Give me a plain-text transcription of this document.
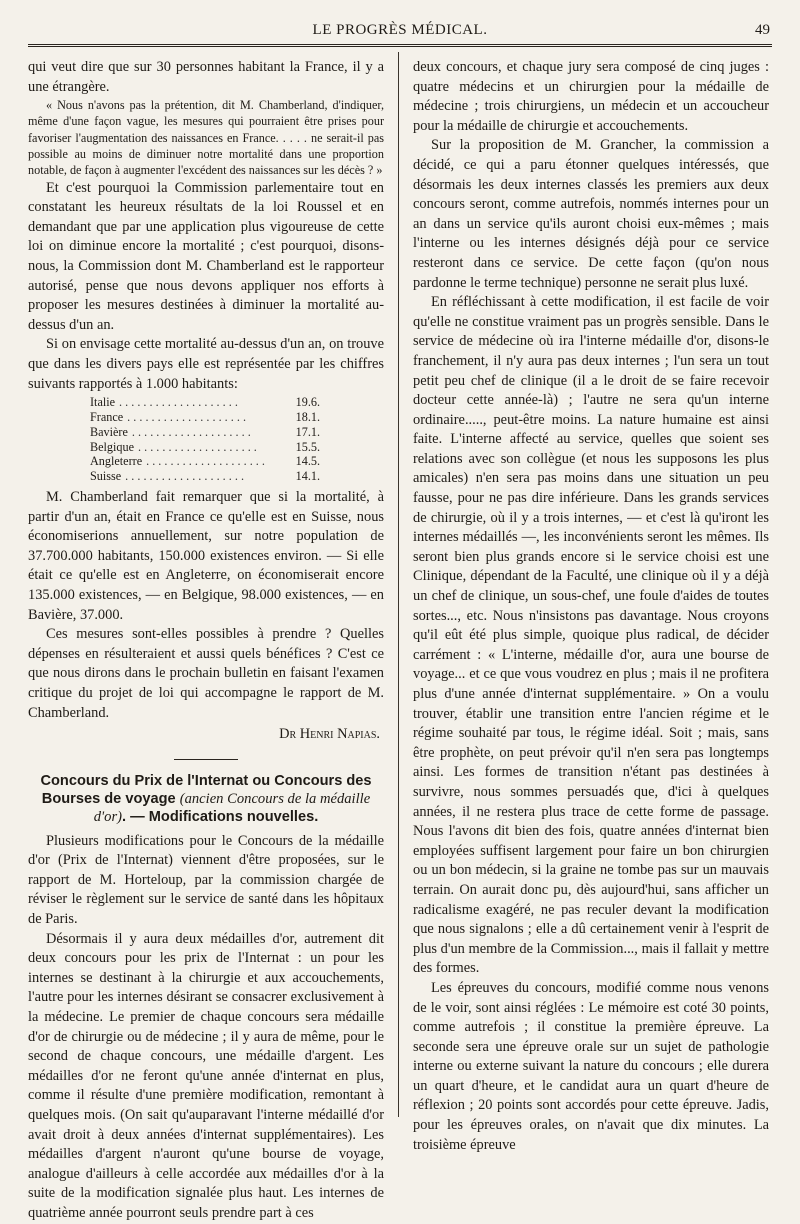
LE PROGRÈS MÉDICAL.	49

qui veut dire que sur 30 personnes habitant la France, il y a une étrangère.

« Nous n'avons pas la prétention, dit M. Chamberland, d'indiquer, même d'une façon vague, les mesures qui pourraient être prises pour favoriser l'augmentation des naissances en France. . . . . ne serait-il pas possible au moins de diminuer notre mortalité dans une proportion notable, de façon à augmenter l'excédent des naissances sur les décès ? »

Et c'est pourquoi la Commission parlementaire tout en constatant les heureux résultats de la loi Roussel et en demandant que par une application plus vigoureuse de cette loi on diminue encore la mortalité ; c'est pourquoi, disons-nous, la Commission dont M. Chamberland est le rapporteur autorisé, pense que nous devons appliquer nos efforts à proposer les mesures destinées à diminuer la mortalité au-dessus d'un an.

Si on envisage cette mortalité au-dessus d'un an, on trouve que dans les divers pays elle est représentée par les chiffres suivants rapportés à 1.000 habitants:

Italie . . . . . . . . . . . . . . . . . . . .	19.6.
France . . . . . . . . . . . . . . . . . . . .	18.1.
Bavière . . . . . . . . . . . . . . . . . . . .	17.1.
Belgique . . . . . . . . . . . . . . . . . . . .	15.5.
Angleterre . . . . . . . . . . . . . . . . . . . .	14.5.
Suisse . . . . . . . . . . . . . . . . . . . .	14.1.

M. Chamberland fait remarquer que si la mortalité, à partir d'un an, était en France ce qu'elle est en Suisse, nous économiserions annuellement, sur notre population de 37.700.000 habitants, 150.000 existences environ. — Si elle était ce qu'elle est en Angleterre, on économiserait encore 135.000 existences, — en Belgique, 98.000 existences, — en Bavière, 37.000.

Ces mesures sont-elles possibles à prendre ? Quelles dépenses en résulteraient et aussi quels bénéfices ? C'est ce que nous dirons dans le prochain bulletin en faisant l'examen critique du projet de loi qui accompagne le rapport de M. Chamberland.

Dr Henri Napias.
Concours du Prix de l'Internat ou Concours des Bourses de voyage (ancien Concours de la médaille d'or). — Modifications nouvelles.

Plusieurs modifications pour le Concours de la médaille d'or (Prix de l'Internat) viennent d'être proposées, sur le rapport de M. Horteloup, par la commission chargée de réviser le règlement sur le service de santé dans les hôpitaux de Paris.

Désormais il y aura deux médailles d'or, autrement dit deux concours pour les prix de l'Internat : un pour les internes se destinant à la chirurgie et aux accouchements, l'autre pour les internes désirant se consacrer exclusivement à la médecine. Le premier de chaque concours sera médaille d'or de chirurgie ou de médecine ; il y aura de même, pour le second de chaque concours, une médaille d'argent. Les médailles d'or ne feront qu'une année d'internat en plus, comme il résulte d'une première modification, remontant à quelques mois. (On sait qu'auparavant l'interne médaillé d'or avait droit à deux années d'internat supplémentaires). Les médailles d'argent n'auront qu'une bourse de voyage, analogue d'ailleurs à celle accordée aux médailles d'or à la suite de la modification signalée plus haut. Les internes de quatrième année pourront seuls prendre part à ces

deux concours, et chaque jury sera composé de cinq juges : quatre médecins et un chirurgien pour la médaille de médecine ; trois chirurgiens, un médecin et un accoucheur pour la médaille de chirurgie et accouchements.

Sur la proposition de M. Grancher, la commission a décidé, ce qui a paru étonner quelques intéressés, que désormais les deux internes classés les premiers aux deux concours seront, comme autrefois, nommés internes pour un an dans un service qu'ils auront choisi eux-mêmes ; mais l'interne ou les internes désignés déjà pour ce service resteront dans ce service. De cette façon (qu'on nous pardonne le terme technique) personne ne serait plus luxé.

En réfléchissant à cette modification, il est facile de voir qu'elle ne constitue vraiment pas un progrès sensible. Dans le service de médecine où ira l'interne médaille d'or, disons-le franchement, il n'y aura pas deux internes ; l'un sera un tout petit peu chef de clinique (il a le droit de se faire recevoir docteur cette année-là) ; l'autre ne sera qu'un interne ordinaire....., peut-être moins. La nature humaine est ainsi faite. L'interne affecté au service, quelles que soient ses relations avec son collègue (et nous les supposons les plus amicales) n'en sera pas moins dans une situation un peu fausse, pour ne pas dire inférieure. Dans les grands services de chirurgie, où il y a trois internes, — et c'est là qu'iront les internes médaillés —, les inconvénients seront les mêmes. Ils seront bien plus grands encore si le service choisi est une Clinique, dépendant de la Faculté, une clinique où il y a déjà un chef de clinique, un sous-chef, une foule d'aides de toutes sortes..., etc. Nous n'insistons pas davantage. Nous croyons qu'il eût été plus simple, quoique plus radical, de décider carrément : « L'interne, médaille d'or, aura une bourse de voyage... et ce que vous voudrez en plus ; mais il ne profitera plus d'une année d'internat supplémentaire. » On a voulu trouver, établir une transition entre l'ancien régime et le régime souhaité par tous, le régime idéal. Soit ; mais, sans être prophète, on peut prévoir qu'il n'en sera pas longtemps ainsi. Les formes de transition n'étant pas destinées à survivre, nous sommes persuadés que, d'ici à quelques années, il ne restera plus trace de cette forme de passage. Nous l'avons dit bien des fois, quatre années d'internat bien employées suffisent largement pour faire un bon chirurgien ou un bon médecin, si la graine ne tombe pas sur un mauvais terrain. On aurait donc pu, dès aujourd'hui, sans afficher un radicalisme exagéré, ne pas reculer devant la modification que nous signalons ; elle a dû certainement venir à l'esprit de plus d'un membre de la Commission..., mais il fallait y mettre des formes.

Les épreuves du concours, modifié comme nous venons de le voir, sont ainsi réglées : Le mémoire est coté 30 points, comme autrefois ; il constitue la première épreuve. La seconde sera une épreuve orale sur un sujet de pathologie interne ou externe suivant la nature du concours ; elle durera un quart d'heure, et le candidat aura un quart d'heure de réflexion ; 20 points sont accordés pour cette épreuve. Jadis, pour les épreuves orales, on n'avait que dix minutes. La troisième épreuve
